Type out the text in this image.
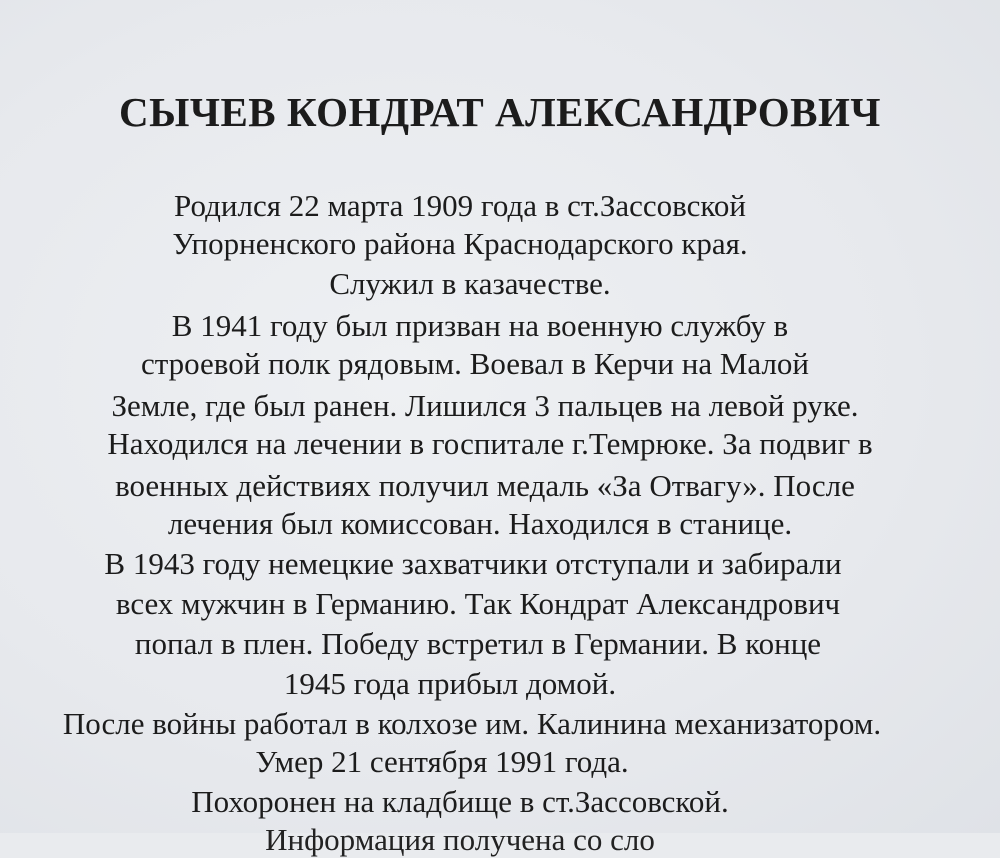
СЫЧЕВ КОНДРАТ АЛЕКСАНДРОВИЧ
Родился 22 марта 1909 года в ст.Зассовской
Упорненского района Краснодарского края.
Служил в казачестве.
В 1941 году был призван на военную службу в
строевой полк рядовым. Воевал в Керчи на Малой
Земле, где был ранен. Лишился 3 пальцев на левой руке.
Находился на лечении в госпитале г.Темрюке. За подвиг в
военных действиях получил медаль «За Отвагу». После
лечения был комиссован. Находился в станице.
В 1943 году немецкие захватчики отступали и забирали
всех мужчин в Германию. Так Кондрат Александрович
попал в плен. Победу встретил в Германии. В конце
1945 года прибыл домой.
После войны работал в колхозе им. Калинина механизатором.
Умер 21 сентября 1991 года.
Похоронен на кладбище в ст.Зассовской.
Информация получена со сло
